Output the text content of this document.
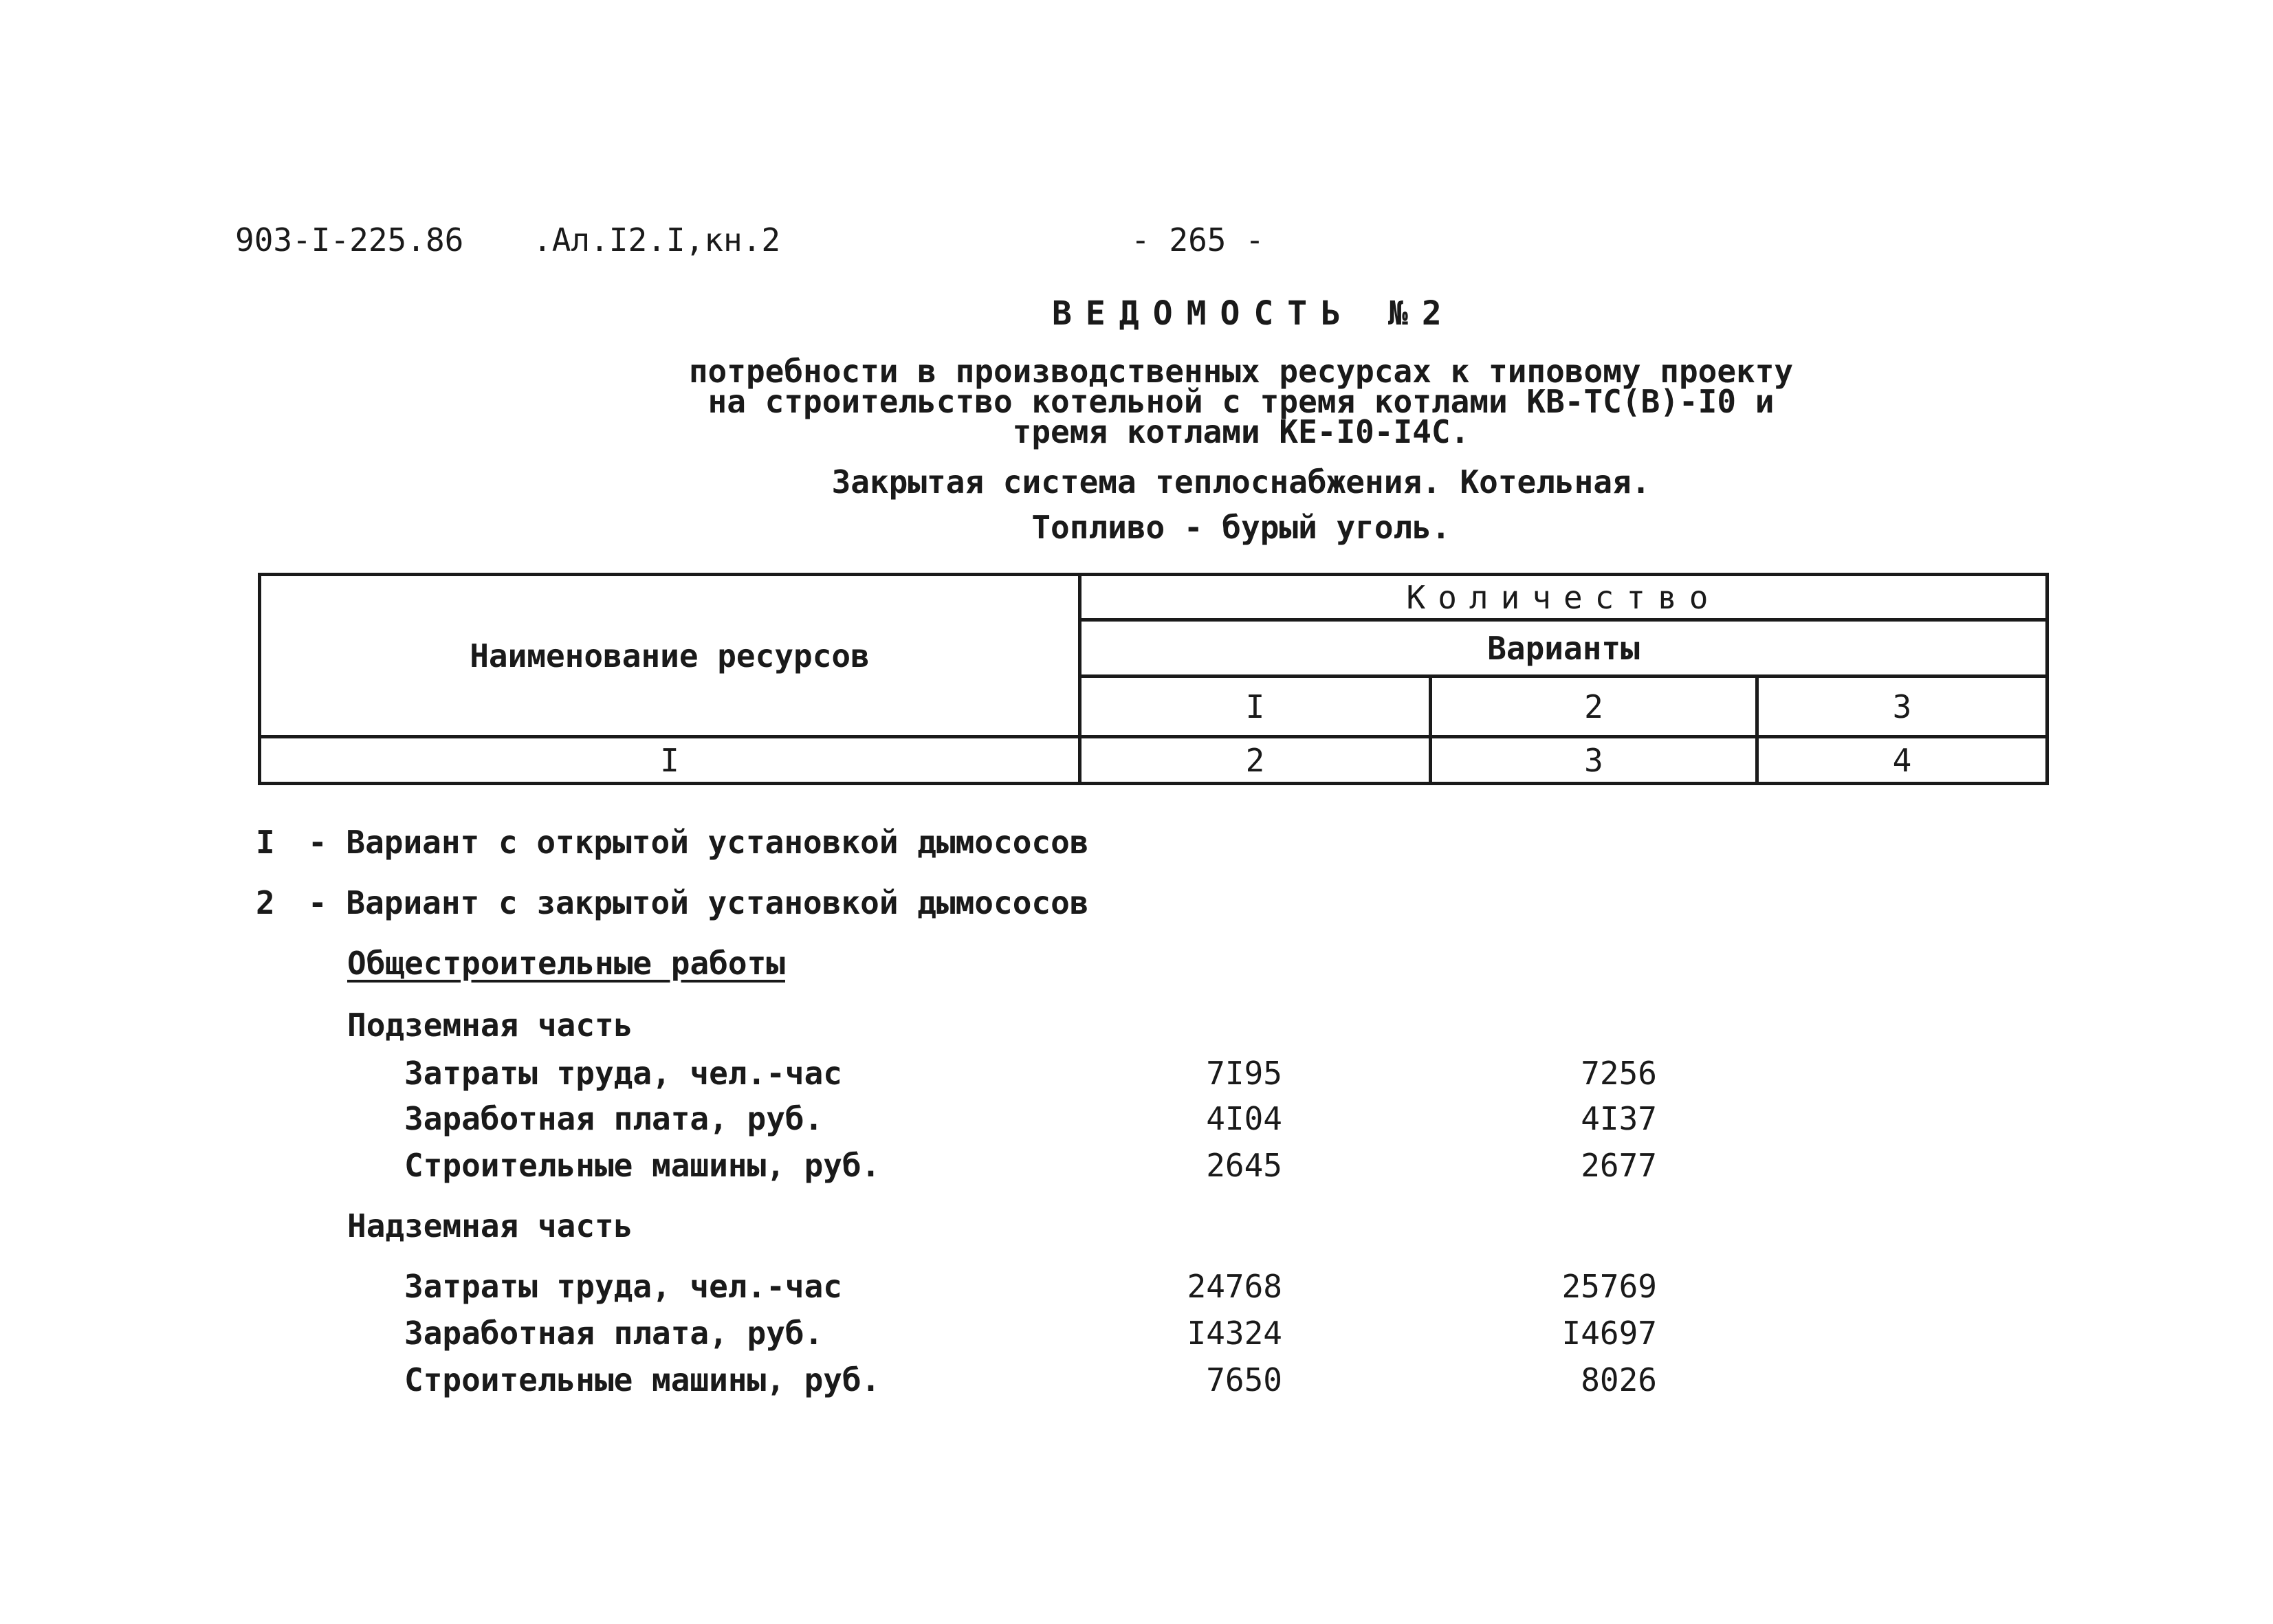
903-I-225.86 .Ал.I2.I,кн.2	- 265 -
ВЕДОМОСТЬ №2
потребности в производственных ресурсах к типовому проекту
на строительство котельной с тремя котлами КВ-ТС(В)-I0 и
тремя котлами КЕ-I0-I4С.
Закрытая система теплоснабжения. Котельная.
Топливо - бурый уголь.
Наименование ресурсов	Количество		
	Варианты		
	I	2	3
I	2	3	4
I - Вариант с открытой установкой дымососов
2 - Вариант с закрытой установкой дымососов
Общестроительные работы
Подземная часть
Затраты труда, чел.-час	7I95	7256
Заработная плата, руб.	4I04	4I37
Строительные машины, руб.	2645	2677
Надземная часть
Затраты труда, чел.-час	24768	25769
Заработная плата, руб.	I4324	I4697
Строительные машины, руб.	7650	8026
